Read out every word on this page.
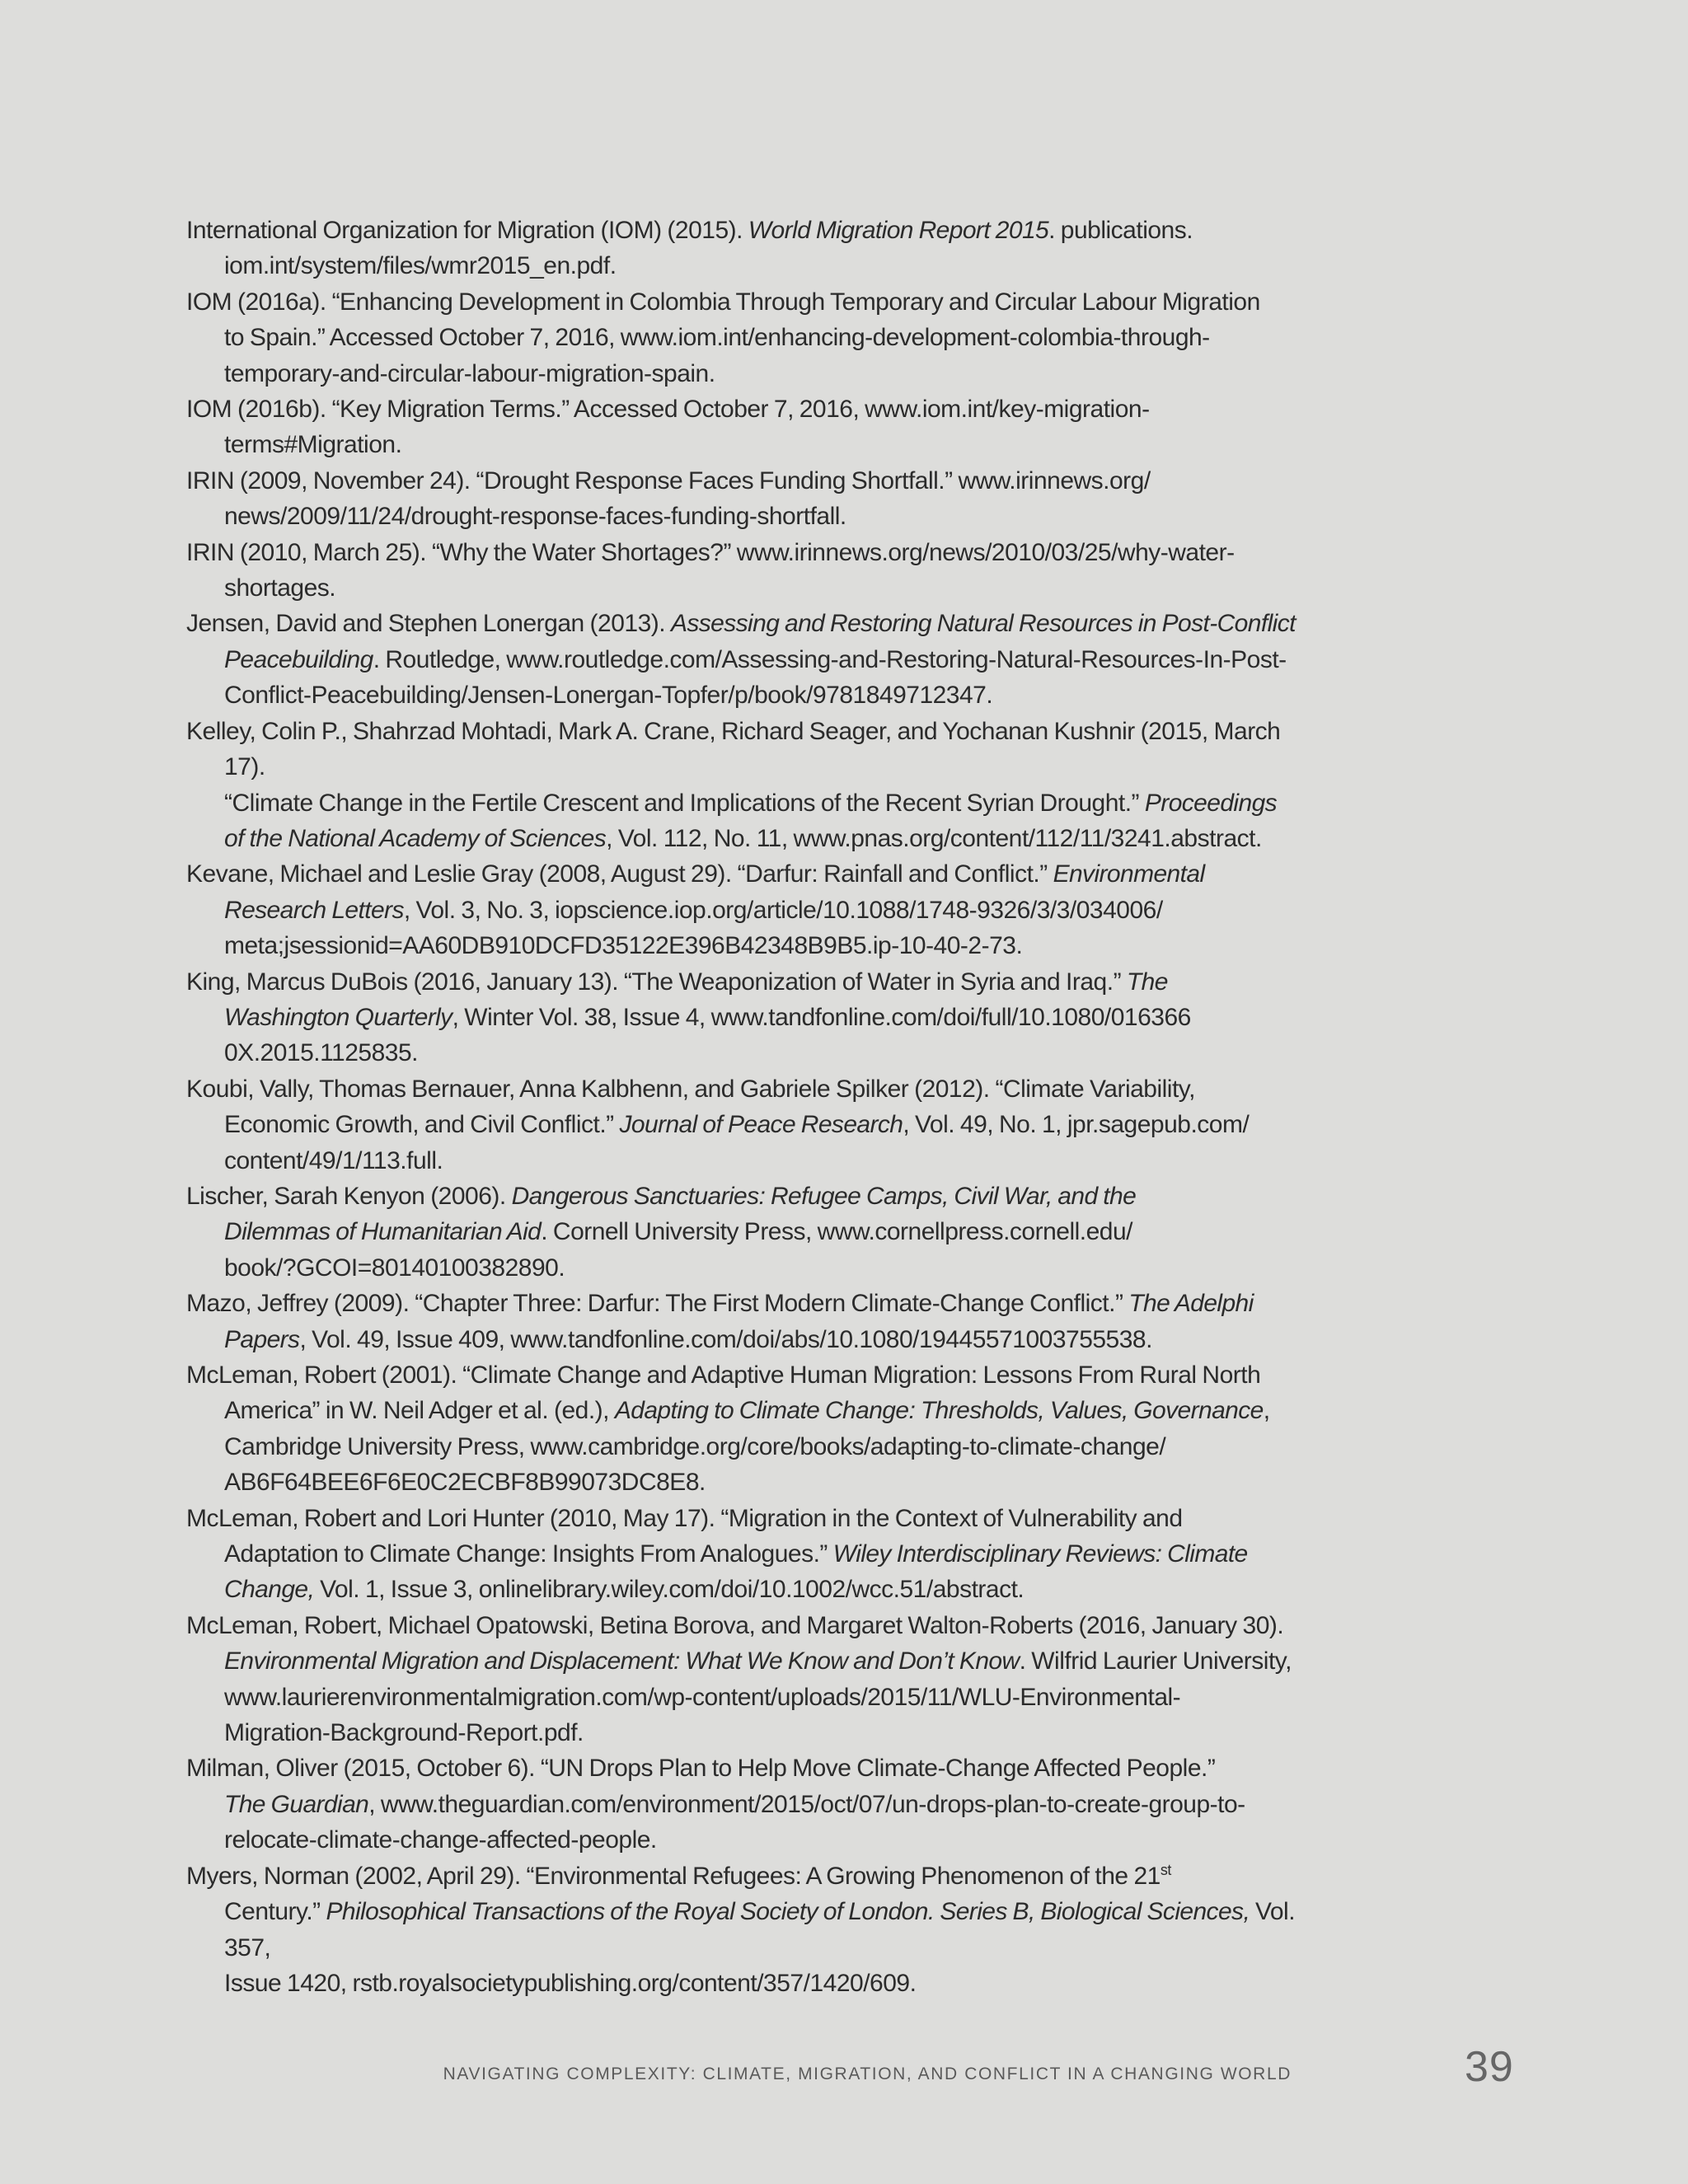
International Organization for Migration (IOM) (2015). World Migration Report 2015. publications.
iom.int/system/files/wmr2015_en.pdf.

IOM (2016a). “Enhancing Development in Colombia Through Temporary and Circular Labour Migration
to Spain.” Accessed October 7, 2016, www.iom.int/enhancing-development-colombia-through-
temporary-and-circular-labour-migration-spain.

IOM (2016b). “Key Migration Terms.” Accessed October 7, 2016, www.iom.int/key-migration-
terms#Migration.

IRIN (2009, November 24). “Drought Response Faces Funding Shortfall.” www.irinnews.org/
news/2009/11/24/drought-response-faces-funding-shortfall.

IRIN (2010, March 25). “Why the Water Shortages?” www.irinnews.org/news/2010/03/25/why-water-
shortages.

Jensen, David and Stephen Lonergan (2013). Assessing and Restoring Natural Resources in Post-Conflict
Peacebuilding. Routledge, www.routledge.com/Assessing-and-Restoring-Natural-Resources-In-Post-
Conflict-Peacebuilding/Jensen-Lonergan-Topfer/p/book/9781849712347.

Kelley, Colin P., Shahrzad Mohtadi, Mark A. Crane, Richard Seager, and Yochanan Kushnir (2015, March 17).
“Climate Change in the Fertile Crescent and Implications of the Recent Syrian Drought.” Proceedings
of the National Academy of Sciences, Vol. 112, No. 11, www.pnas.org/content/112/11/3241.abstract.

Kevane, Michael and Leslie Gray (2008, August 29). “Darfur: Rainfall and Conflict.” Environmental
Research Letters, Vol. 3, No. 3, iopscience.iop.org/article/10.1088/1748-9326/3/3/034006/
meta;jsessionid=AA60DB910DCFD35122E396B42348B9B5.ip-10-40-2-73.

King, Marcus DuBois (2016, January 13). “The Weaponization of Water in Syria and Iraq.” The
Washington Quarterly, Winter Vol. 38, Issue 4, www.tandfonline.com/doi/full/10.1080/016366
0X.2015.1125835.

Koubi, Vally, Thomas Bernauer, Anna Kalbhenn, and Gabriele Spilker (2012). “Climate Variability,
Economic Growth, and Civil Conflict.” Journal of Peace Research, Vol. 49, No. 1, jpr.sagepub.com/
content/49/1/113.full.

Lischer, Sarah Kenyon (2006). Dangerous Sanctuaries: Refugee Camps, Civil War, and the
Dilemmas of Humanitarian Aid. Cornell University Press, www.cornellpress.cornell.edu/
book/?GCOI=80140100382890.

Mazo, Jeffrey (2009). “Chapter Three: Darfur: The First Modern Climate-Change Conflict.” The Adelphi
Papers, Vol. 49, Issue 409, www.tandfonline.com/doi/abs/10.1080/19445571003755538.

McLeman, Robert (2001). “Climate Change and Adaptive Human Migration: Lessons From Rural North
America” in W. Neil Adger et al. (ed.), Adapting to Climate Change: Thresholds, Values, Governance,
Cambridge University Press, www.cambridge.org/core/books/adapting-to-climate-change/
AB6F64BEE6F6E0C2ECBF8B99073DC8E8.

McLeman, Robert and Lori Hunter (2010, May 17). “Migration in the Context of Vulnerability and
Adaptation to Climate Change: Insights From Analogues.” Wiley Interdisciplinary Reviews: Climate
Change, Vol. 1, Issue 3, onlinelibrary.wiley.com/doi/10.1002/wcc.51/abstract.

McLeman, Robert, Michael Opatowski, Betina Borova, and Margaret Walton-Roberts (2016, January 30).
Environmental Migration and Displacement: What We Know and Don’t Know. Wilfrid Laurier University,
www.laurierenvironmentalmigration.com/wp-content/uploads/2015/11/WLU-Environmental-
Migration-Background-Report.pdf.

Milman, Oliver (2015, October 6). “UN Drops Plan to Help Move Climate-Change Affected People.”
The Guardian, www.theguardian.com/environment/2015/oct/07/un-drops-plan-to-create-group-to-
relocate-climate-change-affected-people.

Myers, Norman (2002, April 29). “Environmental Refugees: A Growing Phenomenon of the 21st
Century.” Philosophical Transactions of the Royal Society of London. Series B, Biological Sciences, Vol. 357,
Issue 1420, rstb.royalsocietypublishing.org/content/357/1420/609.

NAVIGATING COMPLEXITY: CLIMATE, MIGRATION, AND CONFLICT IN A CHANGING WORLD	39
